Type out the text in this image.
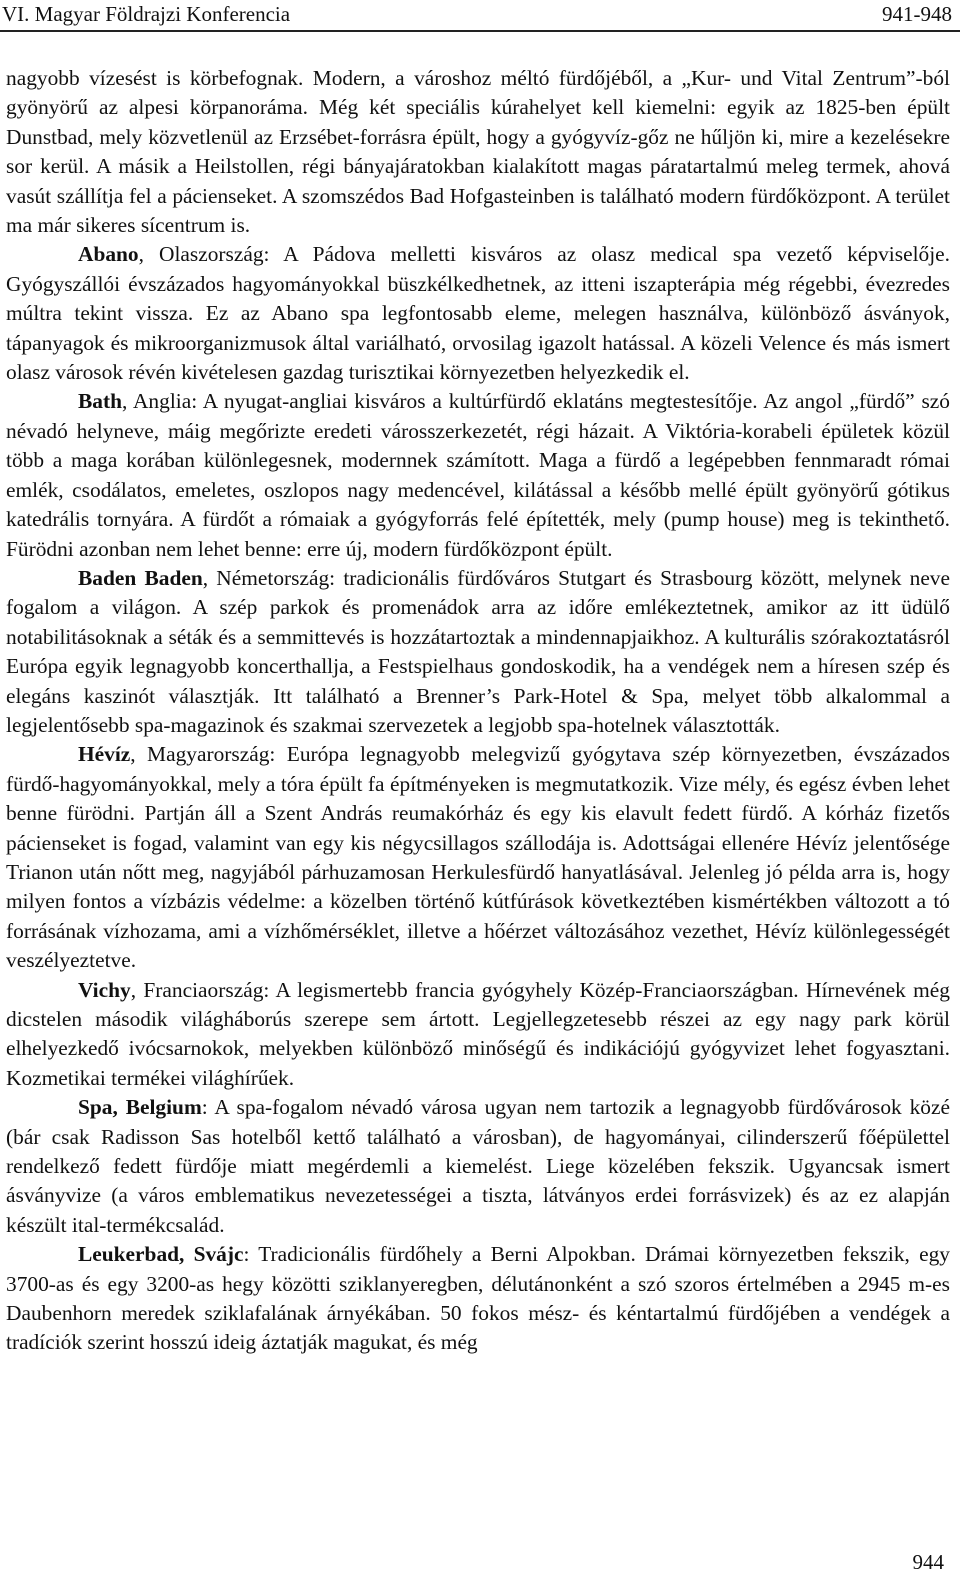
VI. Magyar Földrajzi Konferencia	941-948

nagyobb vízesést is körbefognak. Modern, a városhoz méltó fürdőjéből, a „Kur- und Vital Zentrum”-ból gyönyörű az alpesi körpanoráma. Még két speciális kúrahelyet kell kiemelni: egyik az 1825-ben épült Dunstbad, mely közvetlenül az Erzsébet-forrásra épült, hogy a gyógyvíz-gőz ne hűljön ki, mire a kezelésekre sor kerül. A másik a Heilstollen, régi bányajáratokban kialakított magas páratartalmú meleg termek, ahová vasút szállítja fel a pácienseket. A szomszédos Bad Hofgasteinben is található modern fürdőközpont. A terület ma már sikeres sícentrum is.

Abano, Olaszország: A Pádova melletti kisváros az olasz medical spa vezető képviselője. Gyógyszállói évszázados hagyományokkal büszkélkedhetnek, az itteni iszapterápia még régebbi, évezredes múltra tekint vissza. Ez az Abano spa legfontosabb eleme, melegen használva, különböző ásványok, tápanyagok és mikroorganizmusok által variálható, orvosilag igazolt hatással. A közeli Velence és más ismert olasz városok révén kivételesen gazdag turisztikai környezetben helyezkedik el.

Bath, Anglia: A nyugat-angliai kisváros a kultúrfürdő eklatáns megtestesítője. Az angol „fürdő” szó névadó helyneve, máig megőrizte eredeti városszerkezetét, régi házait. A Viktória-korabeli épületek közül több a maga korában különlegesnek, modernnek számított. Maga a fürdő a legépebben fennmaradt római emlék, csodálatos, emeletes, oszlopos nagy medencével, kilátással a később mellé épült gyönyörű gótikus katedrális tornyára. A fürdőt a rómaiak a gyógyforrás felé építették, mely (pump house) meg is tekinthető. Fürödni azonban nem lehet benne: erre új, modern fürdőközpont épült.

Baden Baden, Németország: tradicionális fürdőváros Stutgart és Strasbourg között, melynek neve fogalom a világon. A szép parkok és promenádok arra az időre emlékeztetnek, amikor az itt üdülő notabilitásoknak a séták és a semmittevés is hozzátartoztak a mindennapjaikhoz. A kulturális szórakoztatásról Európa egyik legnagyobb koncerthallja, a Festspielhaus gondoskodik, ha a vendégek nem a híresen szép és elegáns kaszinót választják. Itt található a Brenner’s Park-Hotel & Spa, melyet több alkalommal a legjelentősebb spa-magazinok és szakmai szervezetek a legjobb spa-hotelnek választották.

Hévíz, Magyarország: Európa legnagyobb melegvizű gyógytava szép környezetben, évszázados fürdő-hagyományokkal, mely a tóra épült fa építményeken is megmutatkozik. Vize mély, és egész évben lehet benne fürödni. Partján áll a Szent András reumakórház és egy kis elavult fedett fürdő. A kórház fizetős pácienseket is fogad, valamint van egy kis négycsillagos szállodája is. Adottságai ellenére Hévíz jelentősége Trianon után nőtt meg, nagyjából párhuzamosan Herkulesfürdő hanyatlásával. Jelenleg jó példa arra is, hogy milyen fontos a vízbázis védelme: a közelben történő kútfúrások következtében kismértékben változott a tó forrásának vízhozama, ami a vízhőmérséklet, illetve a hőérzet változásához vezethet, Hévíz különlegességét veszélyeztetve.

Vichy, Franciaország: A legismertebb francia gyógyhely Közép-Franciaországban. Hírnevének még dicstelen második világháborús szerepe sem ártott. Legjellegzetesebb részei az egy nagy park körül elhelyezkedő ivócsarnokok, melyekben különböző minőségű és indikációjú gyógyvizet lehet fogyasztani. Kozmetikai termékei világhírűek.

Spa, Belgium: A spa-fogalom névadó városa ugyan nem tartozik a legnagyobb fürdővárosok közé (bár csak Radisson Sas hotelből kettő található a városban), de hagyományai, cilinderszerű főépülettel rendelkező fedett fürdője miatt megérdemli a kiemelést. Liege közelében fekszik. Ugyancsak ismert ásványvize (a város emblematikus nevezetességei a tiszta, látványos erdei forrásvizek) és az ez alapján készült ital-termékcsalád.

Leukerbad, Svájc: Tradicionális fürdőhely a Berni Alpokban. Drámai környezetben fekszik, egy 3700-as és egy 3200-as hegy közötti sziklanyeregben, délutánonként a szó szoros értelmében a 2945 m-es Daubenhorn meredek sziklafalának árnyékában. 50 fokos mész- és kéntartalmú fürdőjében a vendégek a tradíciók szerint hosszú ideig áztatják magukat, és még

944
